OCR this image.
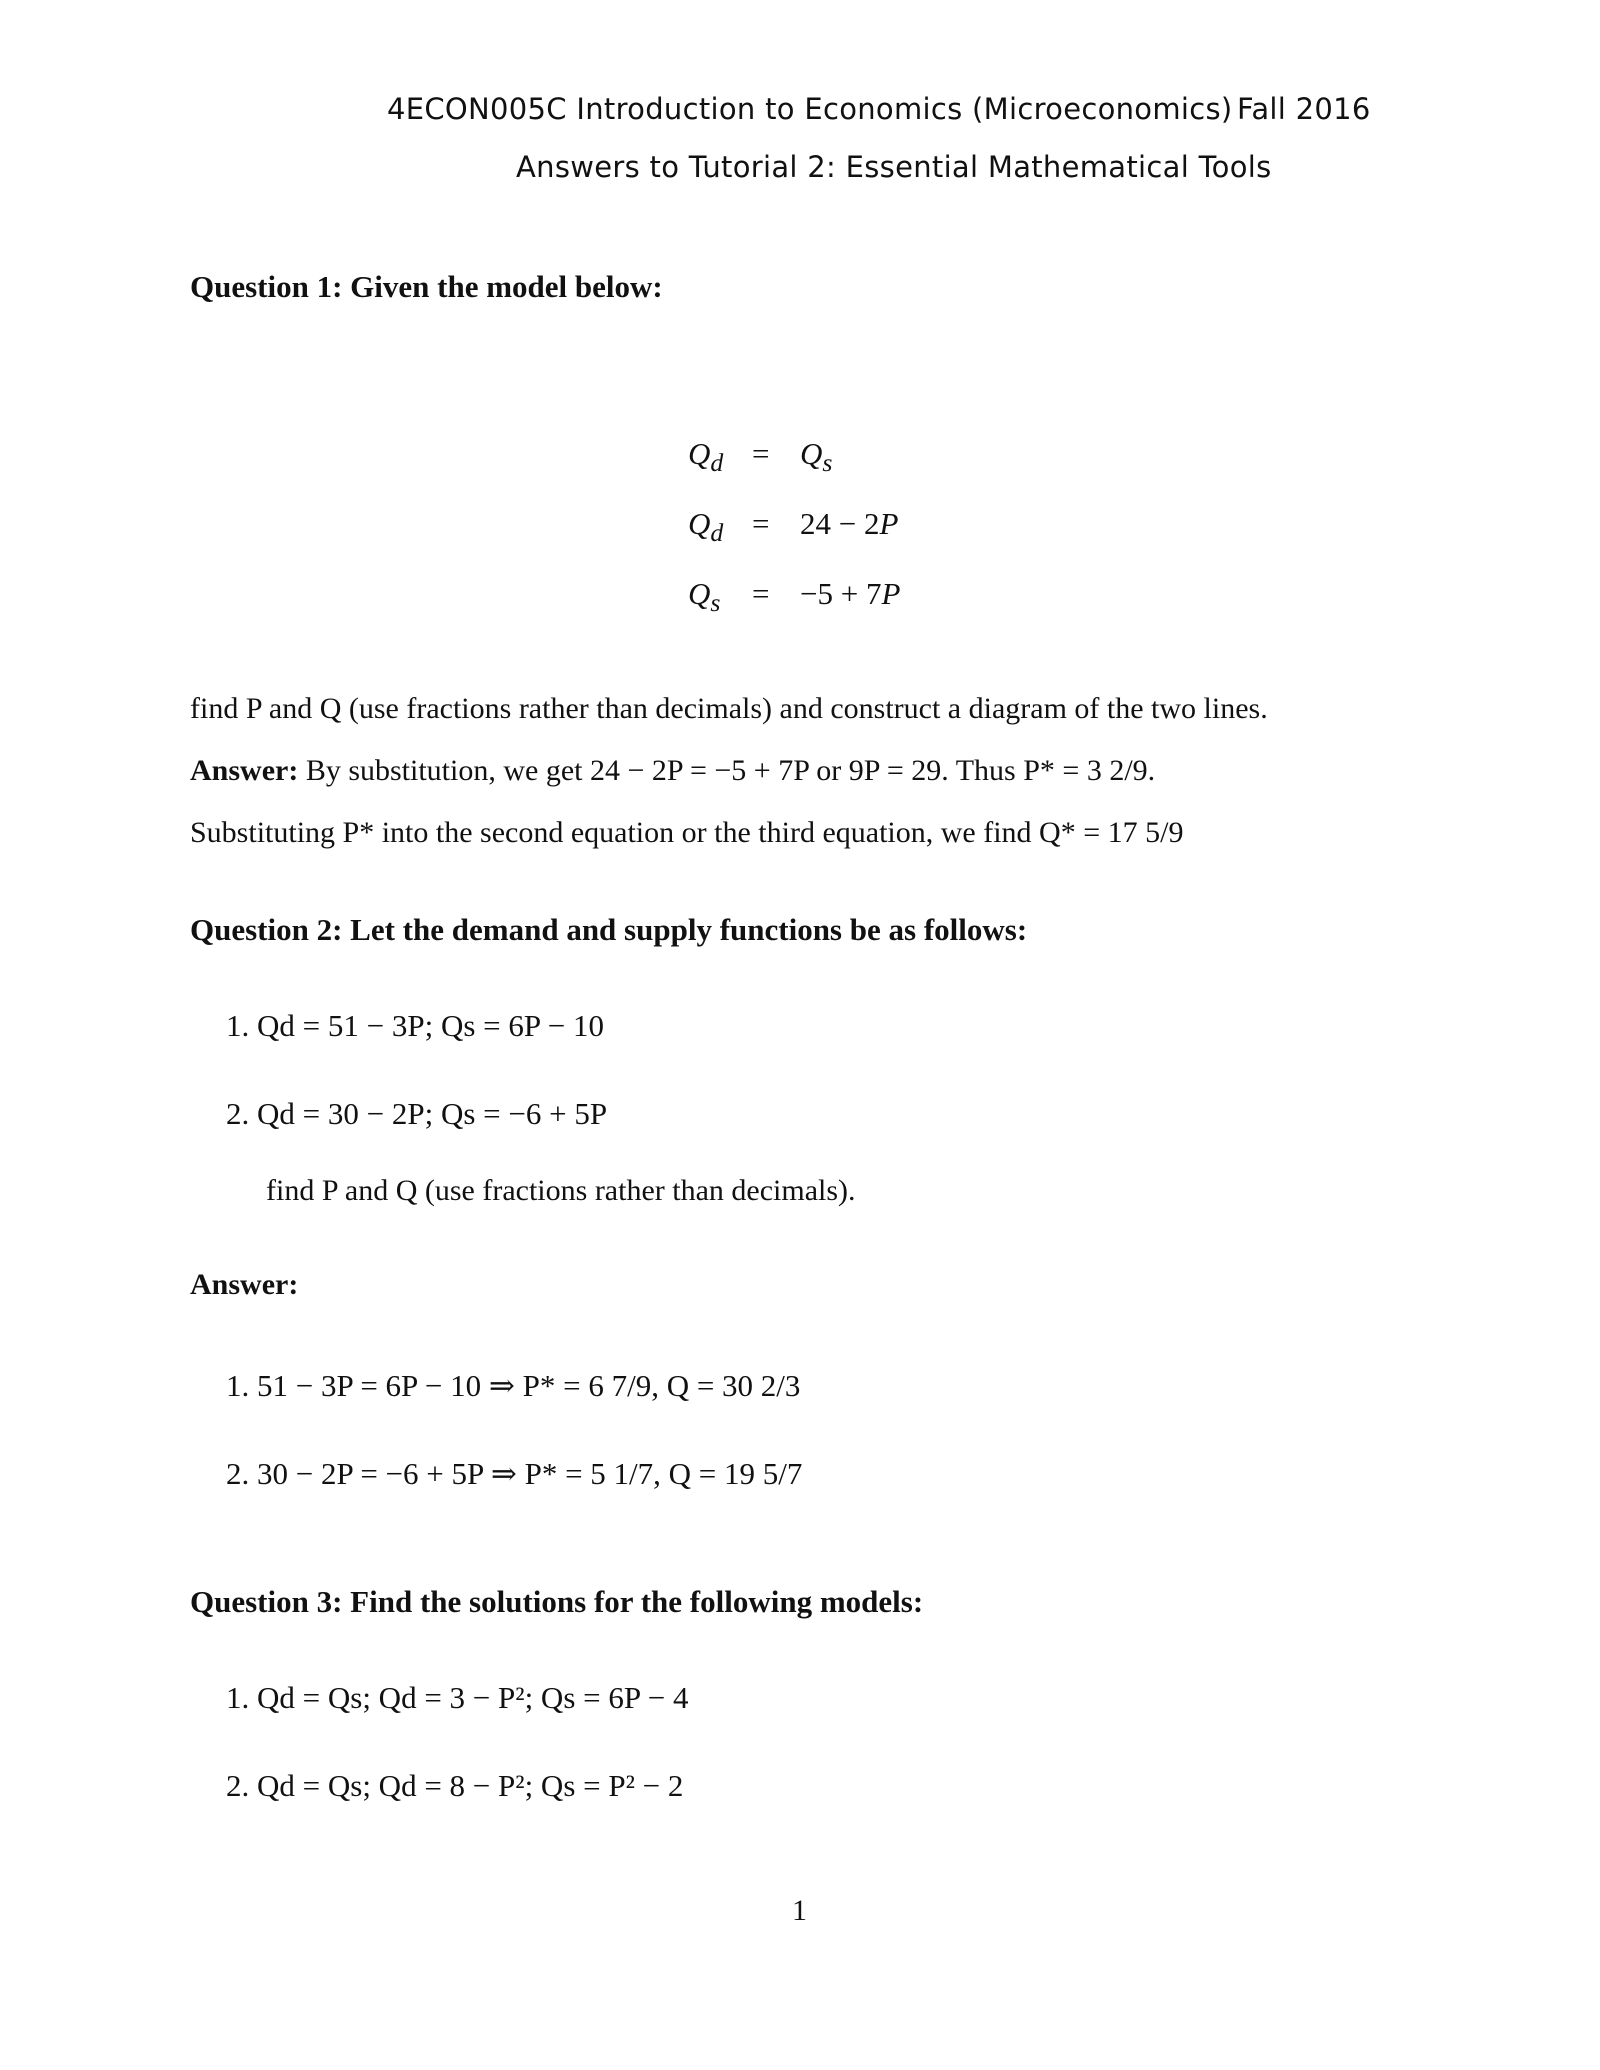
4ECON005C Introduction to Economics (Microeconomics) Fall 2016
Answers to Tutorial 2: Essential Mathematical Tools
Question 1: Given the model below:
$Q_d = Q_s$
$Q_d = 24 - 2P$
$Q_s = -5 + 7P$
find P and Q (use fractions rather than decimals) and construct a diagram of the two lines.
Answer: By substitution, we get 24 − 2P = −5 + 7P or 9P = 29. Thus P* = 3 2/9.
Substituting P* into the second equation or the third equation, we find Q* = 17 5/9
Question 2: Let the demand and supply functions be as follows:
1. Qd = 51 − 3P; Qs = 6P − 10
2. Qd = 30 − 2P; Qs = −6 + 5P
find P and Q (use fractions rather than decimals).
Answer:
1. 51 − 3P = 6P − 10 ⇒ P* = 6 7/9, Q = 30 2/3
2. 30 − 2P = −6 + 5P ⇒ P* = 5 1/7, Q = 19 5/7
Question 3: Find the solutions for the following models:
1. Qd = Qs; Qd = 3 − P²; Qs = 6P − 4
2. Qd = Qs; Qd = 8 − P²; Qs = P² − 2
1
